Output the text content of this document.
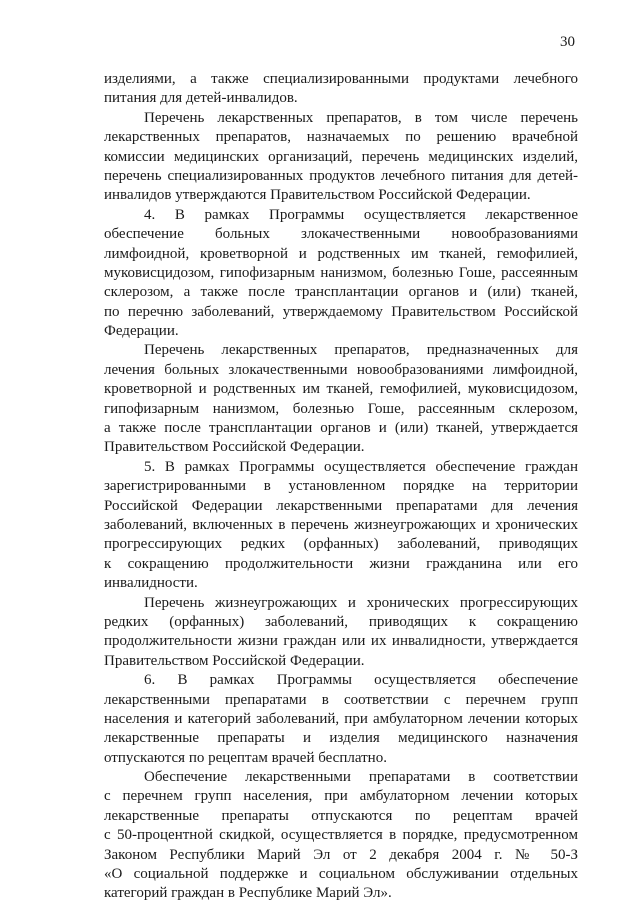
30
изделиями, а также специализированными продуктами лечебного
питания для детей-инвалидов.
Перечень лекарственных препаратов, в том числе перечень
лекарственных препаратов, назначаемых по решению врачебной
комиссии медицинских организаций, перечень медицинских изделий,
перечень специализированных продуктов лечебного питания для детей-
инвалидов утверждаются Правительством Российской Федерации.
4. В рамках Программы осуществляется лекарственное
обеспечение больных злокачественными новообразованиями
лимфоидной, кроветворной и родственных им тканей, гемофилией,
муковисцидозом, гипофизарным нанизмом, болезнью Гоше, рассеянным
склерозом, а также после трансплантации органов и (или) тканей,
по перечню заболеваний, утверждаемому Правительством Российской
Федерации.
Перечень лекарственных препаратов, предназначенных для
лечения больных злокачественными новообразованиями лимфоидной,
кроветворной и родственных им тканей, гемофилией, муковисцидозом,
гипофизарным нанизмом, болезнью Гоше, рассеянным склерозом,
а также после трансплантации органов и (или) тканей, утверждается
Правительством Российской Федерации.
5. В рамках Программы осуществляется обеспечение граждан
зарегистрированными в установленном порядке на территории
Российской Федерации лекарственными препаратами для лечения
заболеваний, включенных в перечень жизнеугрожающих и хронических
прогрессирующих редких (орфанных) заболеваний, приводящих
к сокращению продолжительности жизни гражданина или его
инвалидности.
Перечень жизнеугрожающих и хронических прогрессирующих
редких (орфанных) заболеваний, приводящих к сокращению
продолжительности жизни граждан или их инвалидности, утверждается
Правительством Российской Федерации.
6. В рамках Программы осуществляется обеспечение
лекарственными препаратами в соответствии с перечнем групп
населения и категорий заболеваний, при амбулаторном лечении которых
лекарственные препараты и изделия медицинского назначения
отпускаются по рецептам врачей бесплатно.
Обеспечение лекарственными препаратами в соответствии
с перечнем групп населения, при амбулаторном лечении которых
лекарственные препараты отпускаются по рецептам врачей
с 50-процентной скидкой, осуществляется в порядке, предусмотренном
Законом Республики Марий Эл от 2 декабря 2004 г. № 50-З
«О социальной поддержке и социальном обслуживании отдельных
категорий граждан в Республике Марий Эл».
